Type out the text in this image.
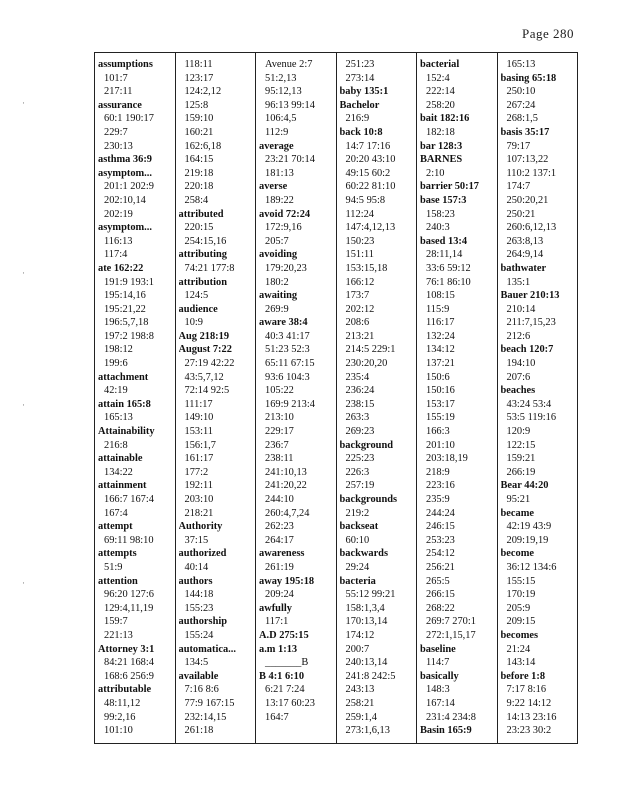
Page 280
·
·
·
·
assumptions
101:7
217:11
assurance
60:1 190:17
229:7
230:13
asthma 36:9
asymptom...
201:1 202:9
202:10,14
202:19
asymptom...
116:13
117:4
ate 162:22
191:9 193:1
195:14,16
195:21,22
196:5,7,18
197:2 198:8
198:12
199:6
attachment
42:19
attain 165:8
165:13
Attainability
216:8
attainable
134:22
attainment
166:7 167:4
167:4
attempt
69:11 98:10
attempts
51:9
attention
96:20 127:6
129:4,11,19
159:7
221:13
Attorney 3:1
84:21 168:4
168:6 256:9
attributable
48:11,12
99:2,16
101:10
118:11
123:17
124:2,12
125:8
159:10
160:21
162:6,18
164:15
219:18
220:18
258:4
attributed
220:15
254:15,16
attributing
74:21 177:8
attribution
124:5
audience
10:9
Aug 218:19
August 7:22
27:19 42:22
43:5,7,12
72:14 92:5
111:17
149:10
153:11
156:1,7
161:17
177:2
192:11
203:10
218:21
Authority
37:15
authorized
40:14
authors
144:18
155:23
authorship
155:24
automatica...
134:5
available
7:16 8:6
77:9 167:15
232:14,15
261:18
Avenue 2:7
51:2,13
95:12,13
96:13 99:14
106:4,5
112:9
average
23:21 70:14
181:13
averse
189:22
avoid 72:24
172:9,16
205:7
avoiding
179:20,23
180:2
awaiting
269:9
aware 38:4
40:3 41:17
51:23 52:3
65:11 67:15
93:6 104:3
105:22
169:9 213:4
213:10
229:17
236:7
238:11
241:10,13
241:20,22
244:10
260:4,7,24
262:23
264:17
awareness
261:19
away 195:18
209:24
awfully
117:1
A.D 275:15
a.m 1:13
_______B
B 4:1 6:10
6:21 7:24
13:17 60:23
164:7
251:23
273:14
baby 135:1
Bachelor
216:9
back 10:8
14:7 17:16
20:20 43:10
49:15 60:2
60:22 81:10
94:5 95:8
112:24
147:4,12,13
150:23
151:11
153:15,18
166:12
173:7
202:12
208:6
213:21
214:5 229:1
230:20,20
235:4
236:24
238:15
263:3
269:23
background
225:23
226:3
257:19
backgrounds
219:2
backseat
60:10
backwards
29:24
bacteria
55:12 99:21
158:1,3,4
170:13,14
174:12
200:7
240:13,14
241:8 242:5
243:13
258:21
259:1,4
273:1,6,13
bacterial
152:4
222:14
258:20
bait 182:16
182:18
bar 128:3
BARNES
2:10
barrier 50:17
base 157:3
158:23
240:3
based 13:4
28:11,14
33:6 59:12
76:1 86:10
108:15
115:9
116:17
132:24
134:12
137:21
150:6
150:16
153:17
155:19
166:3
201:10
203:18,19
218:9
223:16
235:9
244:24
246:15
253:23
254:12
256:21
265:5
266:15
268:22
269:7 270:1
272:1,15,17
baseline
114:7
basically
148:3
167:14
231:4 234:8
Basin 165:9
165:13
basing 65:18
250:10
267:24
268:1,5
basis 35:17
79:17
107:13,22
110:2 137:1
174:7
250:20,21
250:21
260:6,12,13
263:8,13
264:9,14
bathwater
135:1
Bauer 210:13
210:14
211:7,15,23
212:6
beach 120:7
194:10
207:6
beaches
43:24 53:4
53:5 119:16
120:9
122:15
159:21
266:19
Bear 44:20
95:21
became
42:19 43:9
209:19,19
become
36:12 134:6
155:15
170:19
205:9
209:15
becomes
21:24
143:14
before 1:8
7:17 8:16
9:22 14:12
14:13 23:16
23:23 30:2
